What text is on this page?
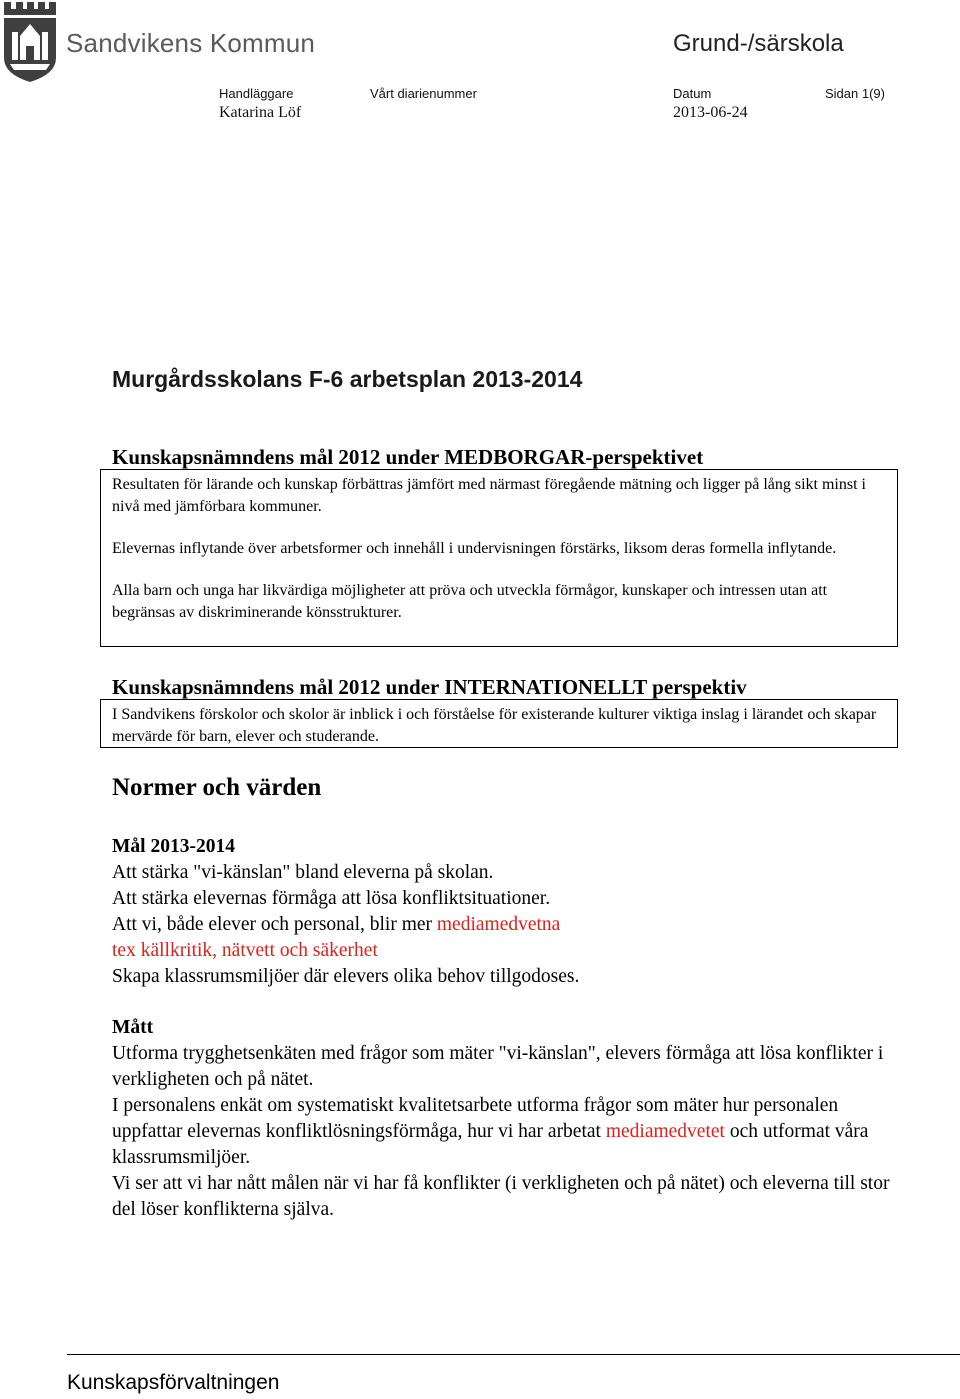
Sandvikens Kommun	Grund-/särskola
Handläggare	Vårt diarienummer	Datum	Sidan 1(9)
Katarina Löf	2013-06-24
Murgårdsskolans F-6 arbetsplan 2013-2014
Kunskapsnämndens mål 2012 under MEDBORGAR-perspektivet

Resultaten för lärande och kunskap förbättras jämfört med närmast föregående mätning och ligger på lång sikt minst i nivå med jämförbara kommuner.

Elevernas inflytande över arbetsformer och innehåll i undervisningen förstärks, liksom deras formella inflytande.

Alla barn och unga har likvärdiga möjligheter att pröva och utveckla förmågor, kunskaper och intressen utan att begränsas av diskriminerande könsstrukturer.

Kunskapsnämndens mål 2012 under INTERNATIONELLT perspektiv

I Sandvikens förskolor och skolor är inblick i och förståelse för existerande kulturer viktiga inslag i lärandet och skapar mervärde för barn, elever och studerande.

Normer och värden
Mål 2013-2014
Att stärka "vi-känslan" bland eleverna på skolan.
Att stärka elevernas förmåga att lösa konfliktsituationer.
Att vi, både elever och personal, blir mer mediamedvetna
tex källkritik, nätvett och säkerhet
Skapa klassrumsmiljöer där elevers olika behov tillgodoses.
Mått
Utforma trygghetsenkäten med frågor som mäter "vi-känslan", elevers förmåga att lösa konflikter i verkligheten och på nätet.
I personalens enkät om systematiskt kvalitetsarbete utforma frågor som mäter hur personalen uppfattar elevernas konfliktlösningsförmåga, hur vi har arbetat mediamedvetet och utformat våra klassrumsmiljöer.
Vi ser att vi har nått målen när vi har få konflikter (i verkligheten och på nätet) och eleverna till stor del löser konflikterna själva.
Kunskapsförvaltningen
